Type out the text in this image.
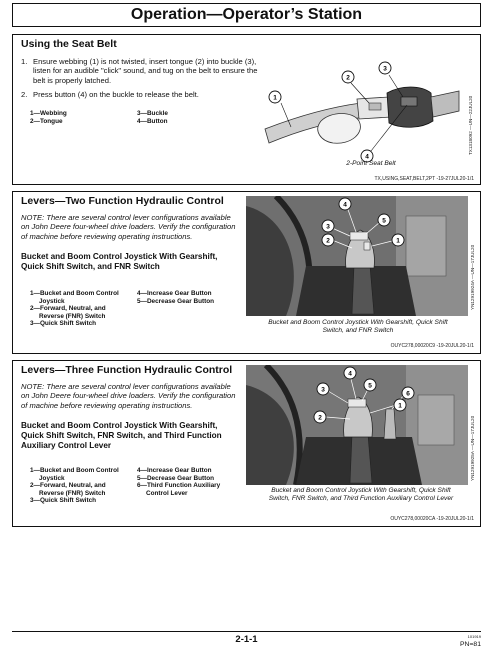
Operation—Operator’s Station
Using the Seat Belt
1. Ensure webbing (1) is not twisted, insert tongue (2) into buckle (3), listen for an audible "click" sound, and tug on the belt to ensure the belt is properly latched.
2. Press button (4) on the buckle to release the belt.
1—Webbing
2—Tongue
3—Buckle
4—Button
1
2
3
4
2-Point Seat Belt
TX1318092 —UN—22JUL20
TX,USING,SEAT,BELT,2PT -19-27JUL20-1/1
Levers—Two Function Hydraulic Control
NOTE: There are several control lever configurations available on John Deere four-wheel drive loaders. Verify the configuration of machine before reviewing operating instructions.
Bucket and Boom Control Joystick With Gearshift, Quick Shift Switch, and FNR Switch
1—Bucket and Boom Control
Joystick
2—Forward, Neutral, and
Reverse (FNR) Switch
3—Quick Shift Switch
4—Increase Gear Button
5—Decrease Gear Button
3
4
5
2	1
Bucket and Boom Control Joystick With Gearshift, Quick Shift Switch, and FNR Switch
YN12919924A —UN—17JUL20
OUYC278,00020C9 -19-20JUL20-1/1
Levers—Three Function Hydraulic Control
NOTE: There are several control lever configurations available on John Deere four-wheel drive loaders. Verify the configuration of machine before reviewing operating instructions.
Bucket and Boom Control Joystick With Gearshift, Quick Shift Switch, FNR Switch, and Third Function Auxiliary Control Lever
1—Bucket and Boom Control
Joystick
2—Forward, Neutral, and
Reverse (FNR) Switch
3—Quick Shift Switch
4—Increase Gear Button
5—Decrease Gear Button
6—Third Function Auxiliary
Control Lever
3
4
5
2
1
6
Bucket and Boom Control Joystick With Gearshift, Quick Shift Switch, FNR Switch, and Third Function Auxiliary Control Lever
YN12919925A —UN—17JUL20
OUYC278,00020CA -19-20JUL20-1/1
2-1-1	101919
PN=81
